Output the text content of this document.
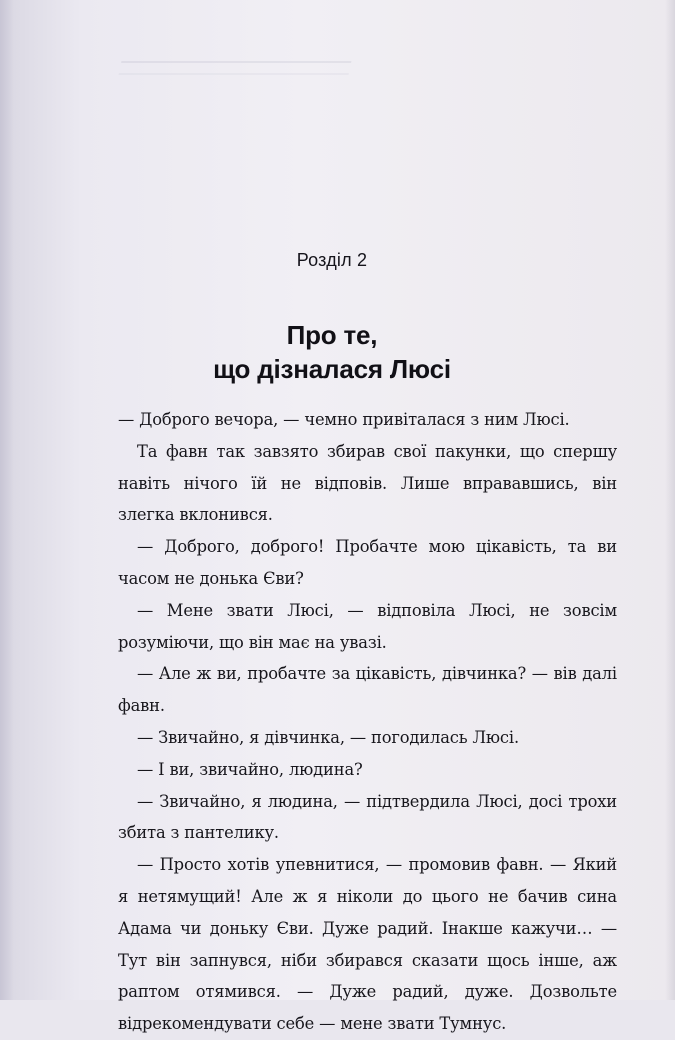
Розділ 2
Про те,
що дізналася Люсі

— Доброго вечора, — чемно привіталася з ним Люсі.

Та фавн так завзято збирав свої пакунки, що спершу навіть нічого їй не відповів. Лише вправавшись, він злегка вклонився.

— Доброго, доброго! Пробачте мою цікавість, та ви часом не донька Єви?

— Мене звати Люсі, — відповіла Люсі, не зовсім розуміючи, що він має на увазі.

— Але ж ви, пробачте за цікавість, дівчинка? — вів далі фавн.

— Звичайно, я дівчинка, — погодилась Люсі.

— І ви, звичайно, людина?

— Звичайно, я людина, — підтвердила Люсі, досі трохи збита з пантелику.

— Просто хотів упевнитися, — промовив фавн. — Який я нетямущий! Але ж я ніколи до цього не бачив сина Адама чи доньку Єви. Дуже радий. Інакше кажучи… — Тут він запнувся, ніби збирався сказати щось інше, аж раптом отямився. — Дуже радий, дуже. Дозвольте відрекомендувати себе — мене звати Тумнус.
